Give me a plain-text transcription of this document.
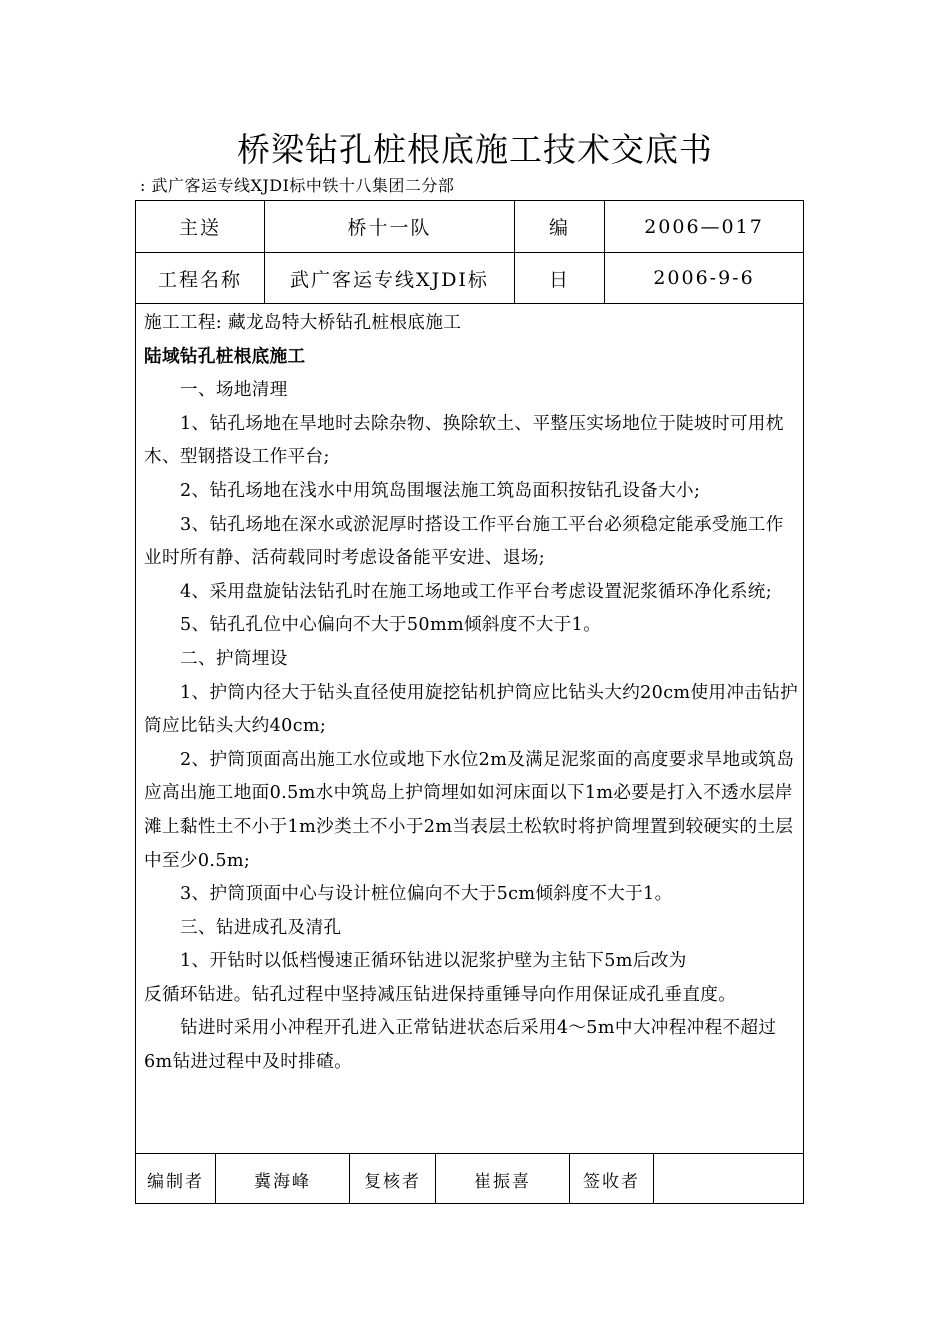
桥梁钻孔桩根底施工技术交底书
: 武广客运专线XJDI标中铁十八集团二分部
主送	桥十一队	编	2006—017
工程名称	武广客运专线XJDI标	日	2006-9-6

施工工程: 藏龙岛特大桥钻孔桩根底施工

陆域钻孔桩根底施工

一、场地清理

1、钻孔场地在旱地时去除杂物、换除软土、平整压实场地位于陡坡时可用枕木、型钢搭设工作平台;

2、钻孔场地在浅水中用筑岛围堰法施工筑岛面积按钻孔设备大小;

3、钻孔场地在深水或淤泥厚时搭设工作平台施工平台必须稳定能承受施工作业时所有静、活荷载同时考虑设备能平安进、退场;

4、采用盘旋钻法钻孔时在施工场地或工作平台考虑设置泥浆循环净化系统;

5、钻孔孔位中心偏向不大于50mm倾斜度不大于1。

二、护筒埋设

1、护筒内径大于钻头直径使用旋挖钻机护筒应比钻头大约20cm使用冲击钻护筒应比钻头大约40cm;

2、护筒顶面高出施工水位或地下水位2m及满足泥浆面的高度要求旱地或筑岛应高出施工地面0.5m水中筑岛上护筒埋如如河床面以下1m必要是打入不透水层岸滩上黏性土不小于1m沙类土不小于2m当表层土松软时将护筒埋置到较硬实的土层中至少0.5m;

3、护筒顶面中心与设计桩位偏向不大于5cm倾斜度不大于1。

三、钻进成孔及清孔

1、开钻时以低档慢速正循环钻进以泥浆护壁为主钻下5m后改为

反循环钻进。钻孔过程中坚持减压钻进保持重锤导向作用保证成孔垂直度。

钻进时采用小冲程开孔进入正常钻进状态后采用4～5m中大冲程冲程不超过6m钻进过程中及时排碴。

编制者	冀海峰	复核者	崔振喜	签收者
